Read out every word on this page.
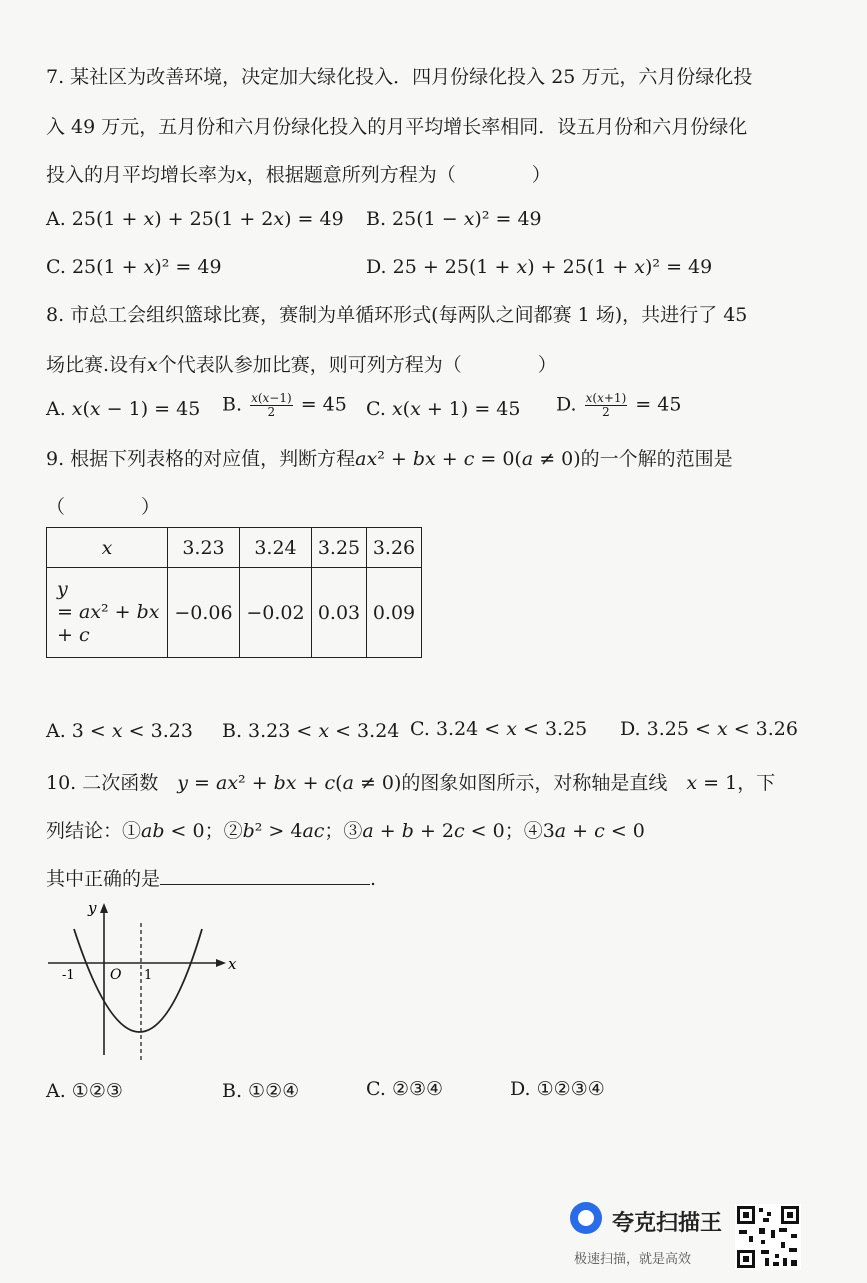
7. 某社区为改善环境，决定加大绿化投入．四月份绿化投入 25 万元，六月份绿化投
入 49 万元，五月份和六月份绿化投入的月平均增长率相同．设五月份和六月份绿化
投入的月平均增长率为𝑥，根据题意所列方程为（　　　　）
A. 25(1 + 𝑥) + 25(1 + 2𝑥) = 49 B. 25(1 − 𝑥)² = 49
C. 25(1 + 𝑥)² = 49	D. 25 + 25(1 + 𝑥) + 25(1 + 𝑥)² = 49
8. 市总工会组织篮球比赛，赛制为单循环形式(每两队之间都赛 1 场)，共进行了 45
场比赛.设有𝑥个代表队参加比赛，则可列方程为（　　　　）
A. 𝑥(𝑥 − 1) = 45 B. $\frac{\text{𝑥(𝑥−1)}}{2} = 45$ C. 𝑥(𝑥 + 1) = 45 D. $\frac{\text{𝑥(𝑥+1)}}{2} = 45$
9. 根据下列表格的对应值，判断方程𝑎𝑥² + 𝑏𝑥 + 𝑐 = 0(𝑎 ≠ 0)的一个解的范围是
（　　　　）
𝑥	3.23	3.24	3.25	3.26

𝑦
= 𝑎𝑥² + 𝑏𝑥
+ 𝑐	−0.06	−0.02	0.03	0.09
A. 3 < 𝑥 < 3.23 B. 3.23 < 𝑥 < 3.24 C. 3.24 < 𝑥 < 3.25 D. 3.25 < 𝑥 < 3.26
10. 二次函数　𝑦 = 𝑎𝑥² + 𝑏𝑥 + 𝑐(𝑎 ≠ 0)的图象如图所示，对称轴是直线　𝑥 = 1，下
列结论：①𝑎𝑏 < 0；②𝑏² > 4𝑎𝑐；③𝑎 + 𝑏 + 2𝑐 < 0；④3𝑎 + 𝑐 < 0
其中正确的是	.
y
x
O
-1	1
A. ①②③	B. ①②④	C. ②③④	D. ①②③④
夸克扫描王
极速扫描，就是高效
